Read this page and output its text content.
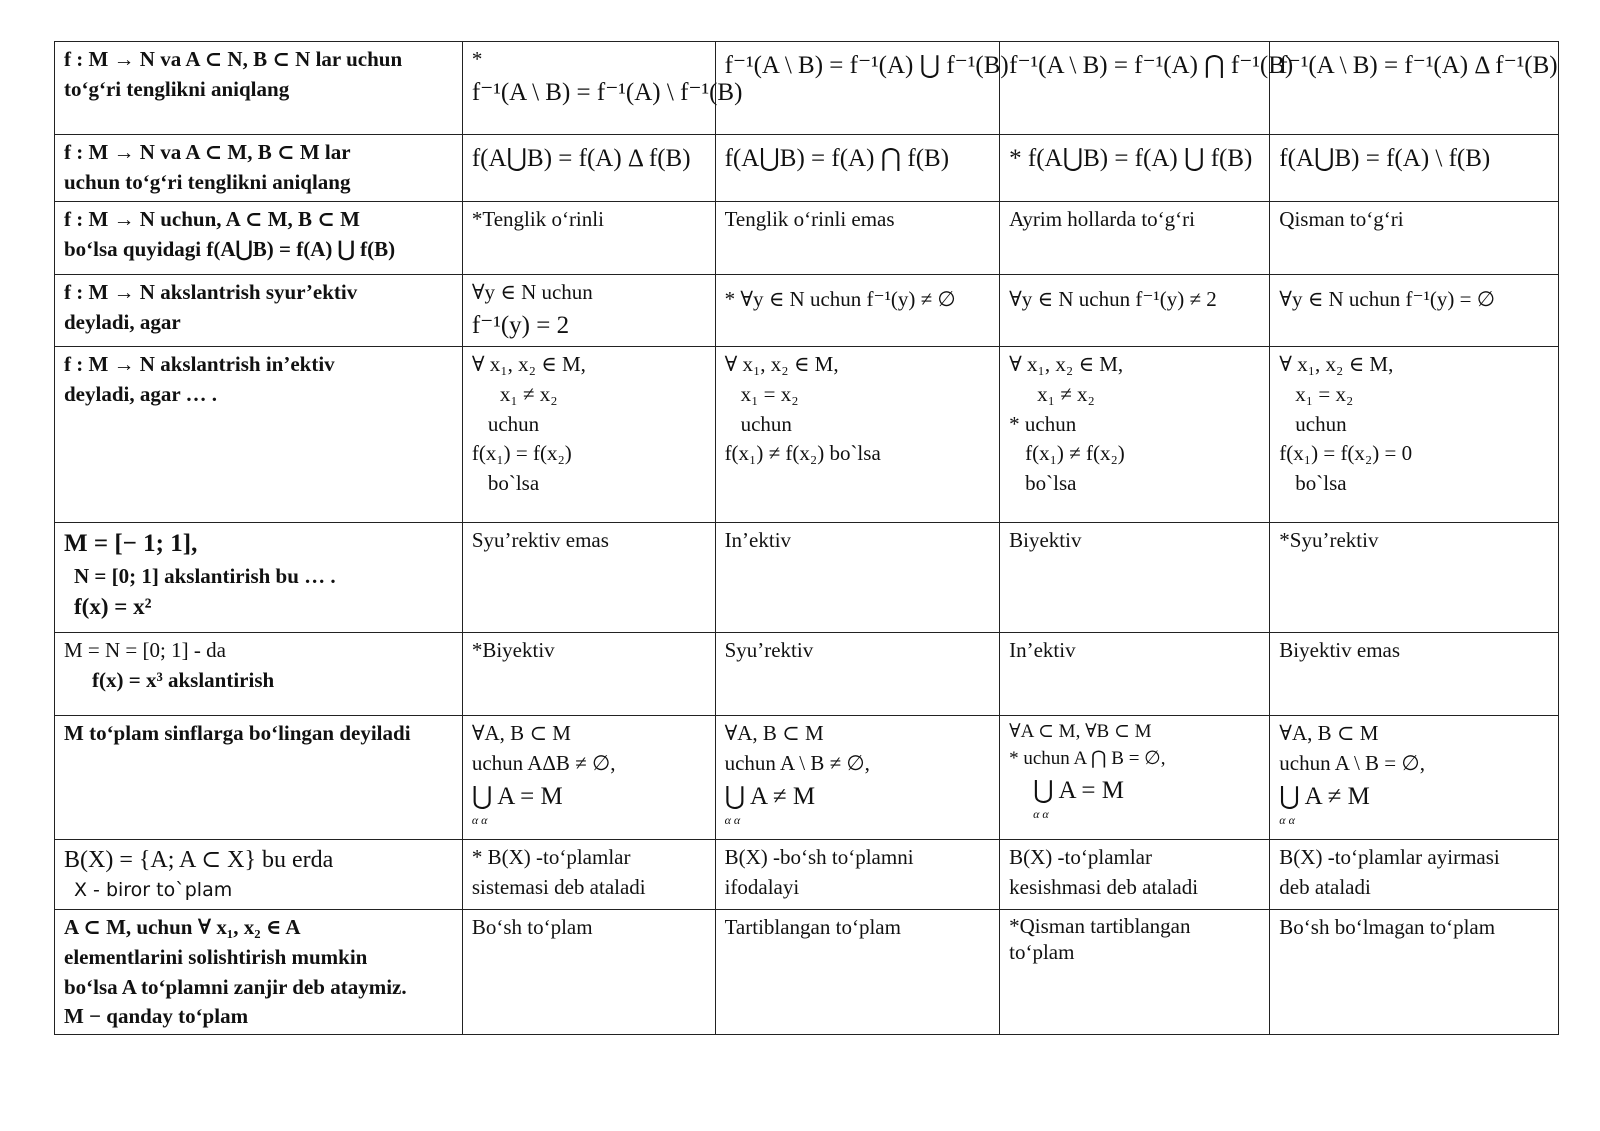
f : M → N va A ⊂ N, B ⊂ N lar uchun
to‘g‘ri tenglikni aniqlang	*
f⁻¹(A \ B) = f⁻¹(A) \ f⁻¹(B)	f⁻¹(A \ B) = f⁻¹(A) ⋃ f⁻¹(B)	f⁻¹(A \ B) = f⁻¹(A) ⋂ f⁻¹(B)	f⁻¹(A \ B) = f⁻¹(A) Δ f⁻¹(B)

f : M → N va A ⊂ M, B ⊂ M lar
uchun to‘g‘ri tenglikni aniqlang	f(A⋃B) = f(A) Δ f(B)	f(A⋃B) = f(A) ⋂ f(B)	* f(A⋃B) = f(A) ⋃ f(B)	f(A⋃B) = f(A) \ f(B)

f : M → N uchun, A ⊂ M, B ⊂ M
bo‘lsa quyidagi f(A⋃B) = f(A) ⋃ f(B)	*Tenglik o‘rinli	Tenglik o‘rinli emas	Ayrim hollarda to‘g‘ri	Qisman to‘g‘ri

f : M → N akslantrish syur’ektiv
deyladi, agar	∀y ∈ N uchun
f⁻¹(y) = 2	* ∀y ∈ N uchun f⁻¹(y) ≠ ∅	∀y ∈ N uchun f⁻¹(y) ≠ 2	∀y ∈ N uchun f⁻¹(y) = ∅

f : M → N akslantrish in’ektiv
deyladi, agar … .	∀ x₁, x₂ ∈ M,
x₁ ≠ x₂
uchun
f(x₁) = f(x₂)
bo`lsa	∀ x₁, x₂ ∈ M,
x₁ = x₂
uchun
f(x₁) ≠ f(x₂) bo`lsa	∀ x₁, x₂ ∈ M,
x₁ ≠ x₂
* uchun
f(x₁) ≠ f(x₂)
bo`lsa	∀ x₁, x₂ ∈ M,
x₁ = x₂
uchun
f(x₁) = f(x₂) = 0
bo`lsa

M = [− 1; 1],
N = [0; 1] akslantirish bu … .
f(x) = x²	Syu’rektiv emas	In’ektiv	Biyektiv	*Syu’rektiv

M = N = [0; 1] - da
f(x) = x³ akslantirish	*Biyektiv	Syu’rektiv	In’ektiv	Biyektiv emas

M to‘plam sinflarga bo‘lingan deyiladi	∀A, B ⊂ M
uchun AΔB ≠ ∅,
⋃ A = M
α α	∀A, B ⊂ M
uchun A \ B ≠ ∅,
⋃ A ≠ M
α α	∀A ⊂ M, ∀B ⊂ M
* uchun A ⋂ B = ∅,
⋃ A = M
α α	∀A, B ⊂ M
uchun A \ B = ∅,
⋃ A ≠ M
α α

B(X) = {A; A ⊂ X} bu erda
X - biror to`plam	* B(X) -to‘plamlar
sistemasi deb ataladi	B(X) -bo‘sh to‘plamni
ifodalayi	B(X) -to‘plamlar
kesishmasi deb ataladi	B(X) -to‘plamlar ayirmasi
deb ataladi

A ⊂ M, uchun ∀ x₁, x₂ ∈ A
elementlarini solishtirish mumkin
bo‘lsa A to‘plamni zanjir deb ataymiz.
M − qanday to‘plam	Bo‘sh to‘plam	Tartiblangan to‘plam	*Qisman tartiblangan
to‘plam	Bo‘sh bo‘lmagan to‘plam
